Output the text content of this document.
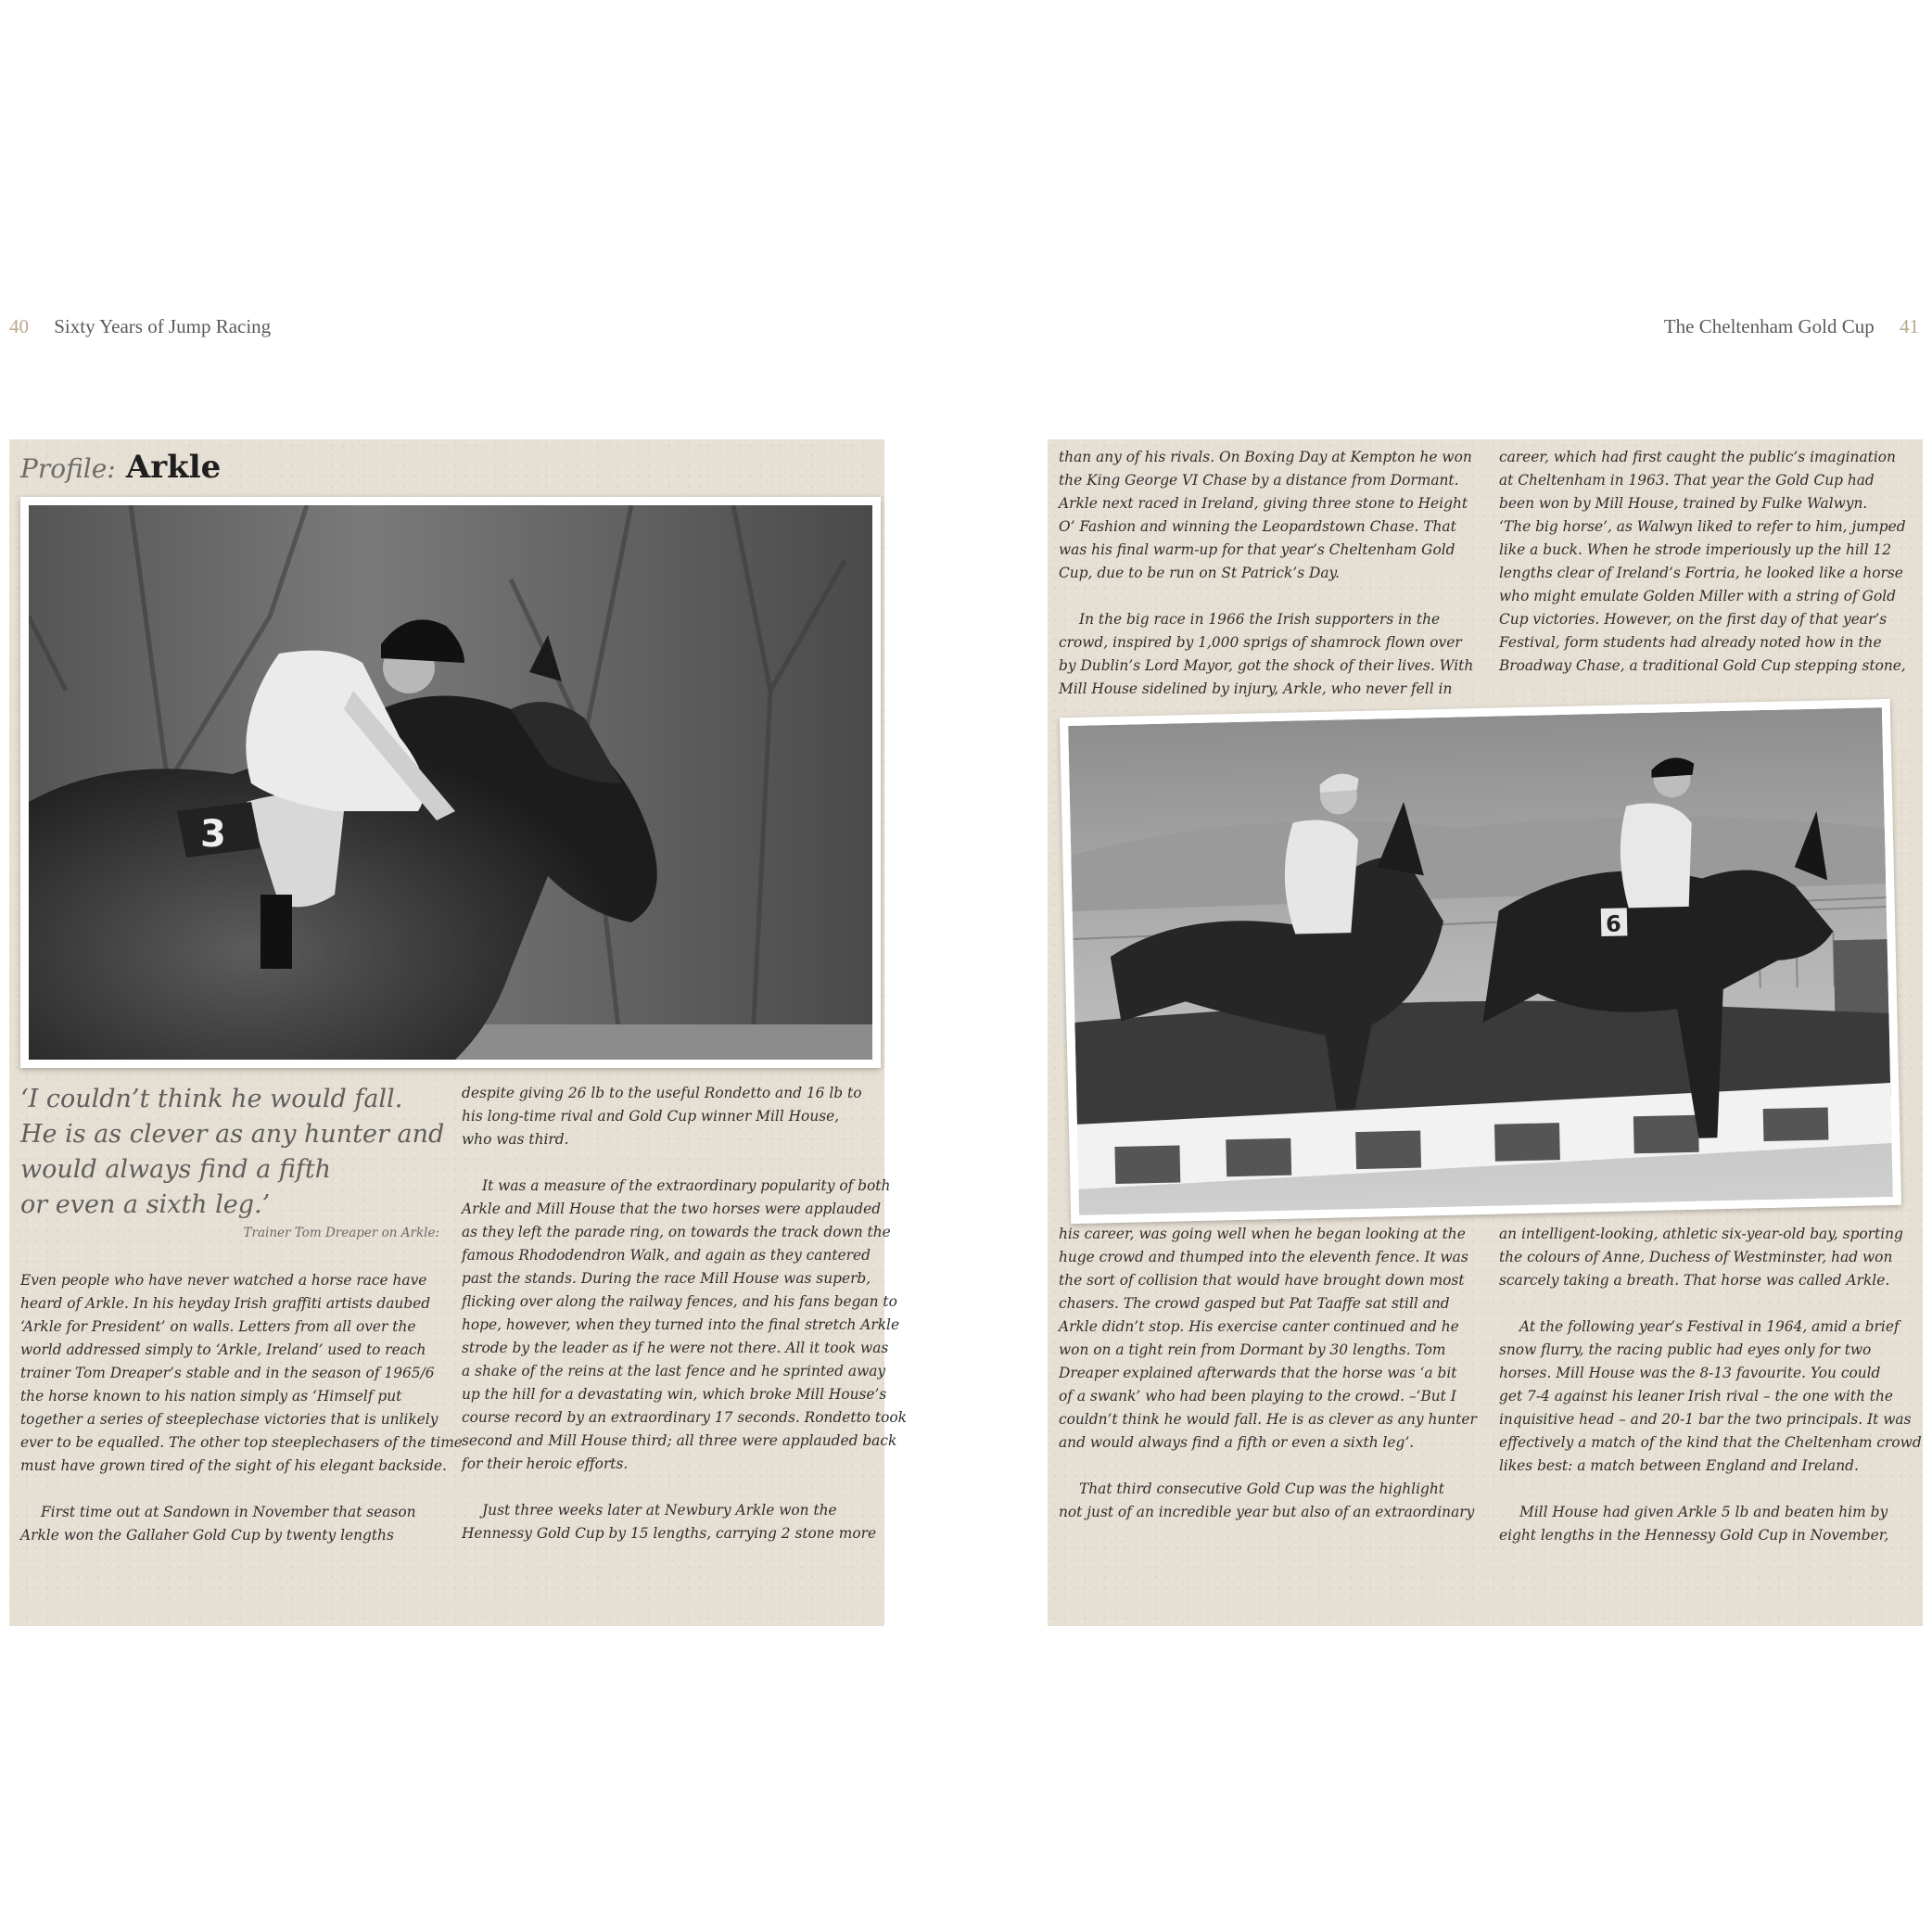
40 Sixty Years of Jump Racing	The Cheltenham Gold Cup 41
Profile: Arkle
3
‘I couldn’t think he would fall.
He is as clever as any hunter and
would always find a fifth
or even a sixth leg.’
Trainer Tom Dreaper on Arkle:

Even people who have never watched a horse race have
heard of Arkle. In his heyday Irish graffiti artists daubed
‘Arkle for President’ on walls. Letters from all over the
world addressed simply to ‘Arkle, Ireland’ used to reach
trainer Tom Dreaper’s stable and in the season of 1965/6
the horse known to his nation simply as ‘Himself put
together a series of steeplechase victories that is unlikely
ever to be equalled. The other top steeplechasers of the time
must have grown tired of the sight of his elegant backside.

First time out at Sandown in November that season
Arkle won the Gallaher Gold Cup by twenty lengths

despite giving 26 lb to the useful Rondetto and 16 lb to
his long-time rival and Gold Cup winner Mill House,
who was third.

It was a measure of the extraordinary popularity of both
Arkle and Mill House that the two horses were applauded
as they left the parade ring, on towards the track down the
famous Rhododendron Walk, and again as they cantered
past the stands. During the race Mill House was superb,
flicking over along the railway fences, and his fans began to
hope, however, when they turned into the final stretch Arkle
strode by the leader as if he were not there. All it took was
a shake of the reins at the last fence and he sprinted away
up the hill for a devastating win, which broke Mill House’s
course record by an extraordinary 17 seconds. Rondetto took
second and Mill House third; all three were applauded back
for their heroic efforts.

Just three weeks later at Newbury Arkle won the
Hennessy Gold Cup by 15 lengths, carrying 2 stone more

than any of his rivals. On Boxing Day at Kempton he won
the King George VI Chase by a distance from Dormant.
Arkle next raced in Ireland, giving three stone to Height
O’ Fashion and winning the Leopardstown Chase. That
was his final warm-up for that year’s Cheltenham Gold
Cup, due to be run on St Patrick’s Day.

In the big race in 1966 the Irish supporters in the
crowd, inspired by 1,000 sprigs of shamrock flown over
by Dublin’s Lord Mayor, got the shock of their lives. With
Mill House sidelined by injury, Arkle, who never fell in

career, which had first caught the public’s imagination
at Cheltenham in 1963. That year the Gold Cup had
been won by Mill House, trained by Fulke Walwyn.
‘The big horse’, as Walwyn liked to refer to him, jumped
like a buck. When he strode imperiously up the hill 12
lengths clear of Ireland’s Fortria, he looked like a horse
who might emulate Golden Miller with a string of Gold
Cup victories. However, on the first day of that year’s
Festival, form students had already noted how in the
Broadway Chase, a traditional Gold Cup stepping stone,

6

his career, was going well when he began looking at the
huge crowd and thumped into the eleventh fence. It was
the sort of collision that would have brought down most
chasers. The crowd gasped but Pat Taaffe sat still and
Arkle didn’t stop. His exercise canter continued and he
won on a tight rein from Dormant by 30 lengths. Tom
Dreaper explained afterwards that the horse was ‘a bit
of a swank’ who had been playing to the crowd. –‘But I
couldn’t think he would fall. He is as clever as any hunter
and would always find a fifth or even a sixth leg’.

That third consecutive Gold Cup was the highlight
not just of an incredible year but also of an extraordinary

an intelligent-looking, athletic six-year-old bay, sporting
the colours of Anne, Duchess of Westminster, had won
scarcely taking a breath. That horse was called Arkle.

At the following year’s Festival in 1964, amid a brief
snow flurry, the racing public had eyes only for two
horses. Mill House was the 8-13 favourite. You could
get 7-4 against his leaner Irish rival – the one with the
inquisitive head – and 20-1 bar the two principals. It was
effectively a match of the kind that the Cheltenham crowd
likes best: a match between England and Ireland.

Mill House had given Arkle 5 lb and beaten him by
eight lengths in the Hennessy Gold Cup in November,
